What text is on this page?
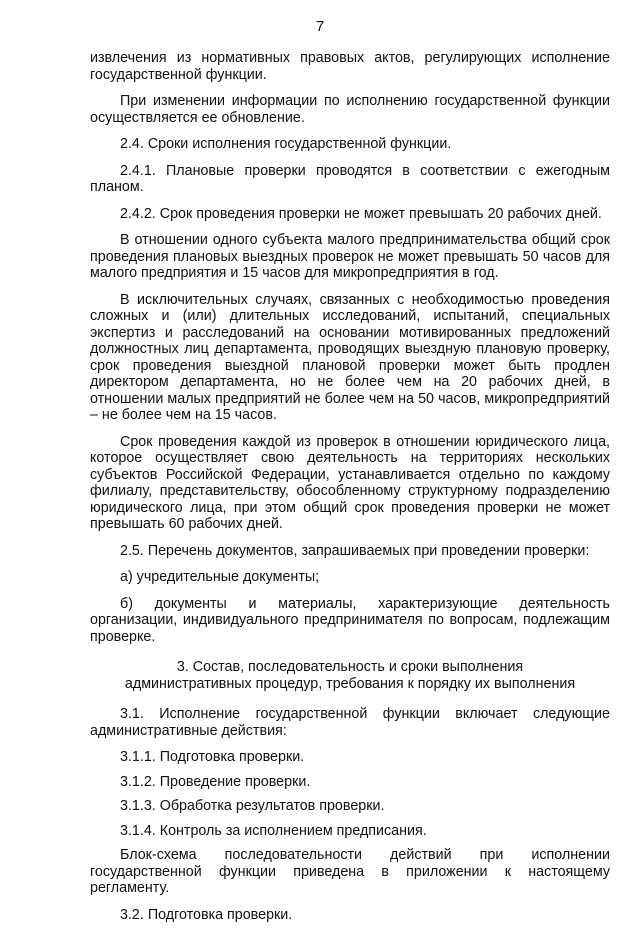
7

извлечения из нормативных правовых актов, регулирующих исполнение государственной функции.

При изменении информации по исполнению государственной функции осуществляется ее обновление.

2.4. Сроки исполнения государственной функции.

2.4.1. Плановые проверки проводятся в соответствии с ежегодным планом.

2.4.2. Срок проведения проверки не может превышать 20 рабочих дней.

В отношении одного субъекта малого предпринимательства общий срок проведения плановых выездных проверок не может превышать 50 часов для малого предприятия и 15 часов для микропредприятия в год.

В исключительных случаях, связанных с необходимостью проведения сложных и (или) длительных исследований, испытаний, специальных экспертиз и расследований на основании мотивированных предложений должностных лиц департамента, проводящих выездную плановую проверку, срок проведения выездной плановой проверки может быть продлен директором департамента, но не более чем на 20 рабочих дней, в отношении малых предприятий не более чем на 50 часов, микропредприятий – не более чем на 15 часов.

Срок проведения каждой из проверок в отношении юридического лица, которое осуществляет свою деятельность на территориях нескольких субъектов Российской Федерации, устанавливается отдельно по каждому филиалу, представительству, обособленному структурному подразделению юридического лица, при этом общий срок проведения проверки не может превышать 60 рабочих дней.

2.5. Перечень документов, запрашиваемых при проведении проверки:

а) учредительные документы;

б) документы и материалы, характеризующие деятельность организации, индивидуального предпринимателя по вопросам, подлежащим проверке.

3. Состав, последовательность и сроки выполнения
административных процедур, требования к порядку их выполнения

3.1. Исполнение государственной функции включает следующие административные действия:

3.1.1. Подготовка проверки.

3.1.2. Проведение проверки.

3.1.3. Обработка результатов проверки.

3.1.4. Контроль за исполнением предписания.

Блок-схема последовательности действий при исполнении государственной функции приведена в приложении к настоящему регламенту.

3.2. Подготовка проверки.
